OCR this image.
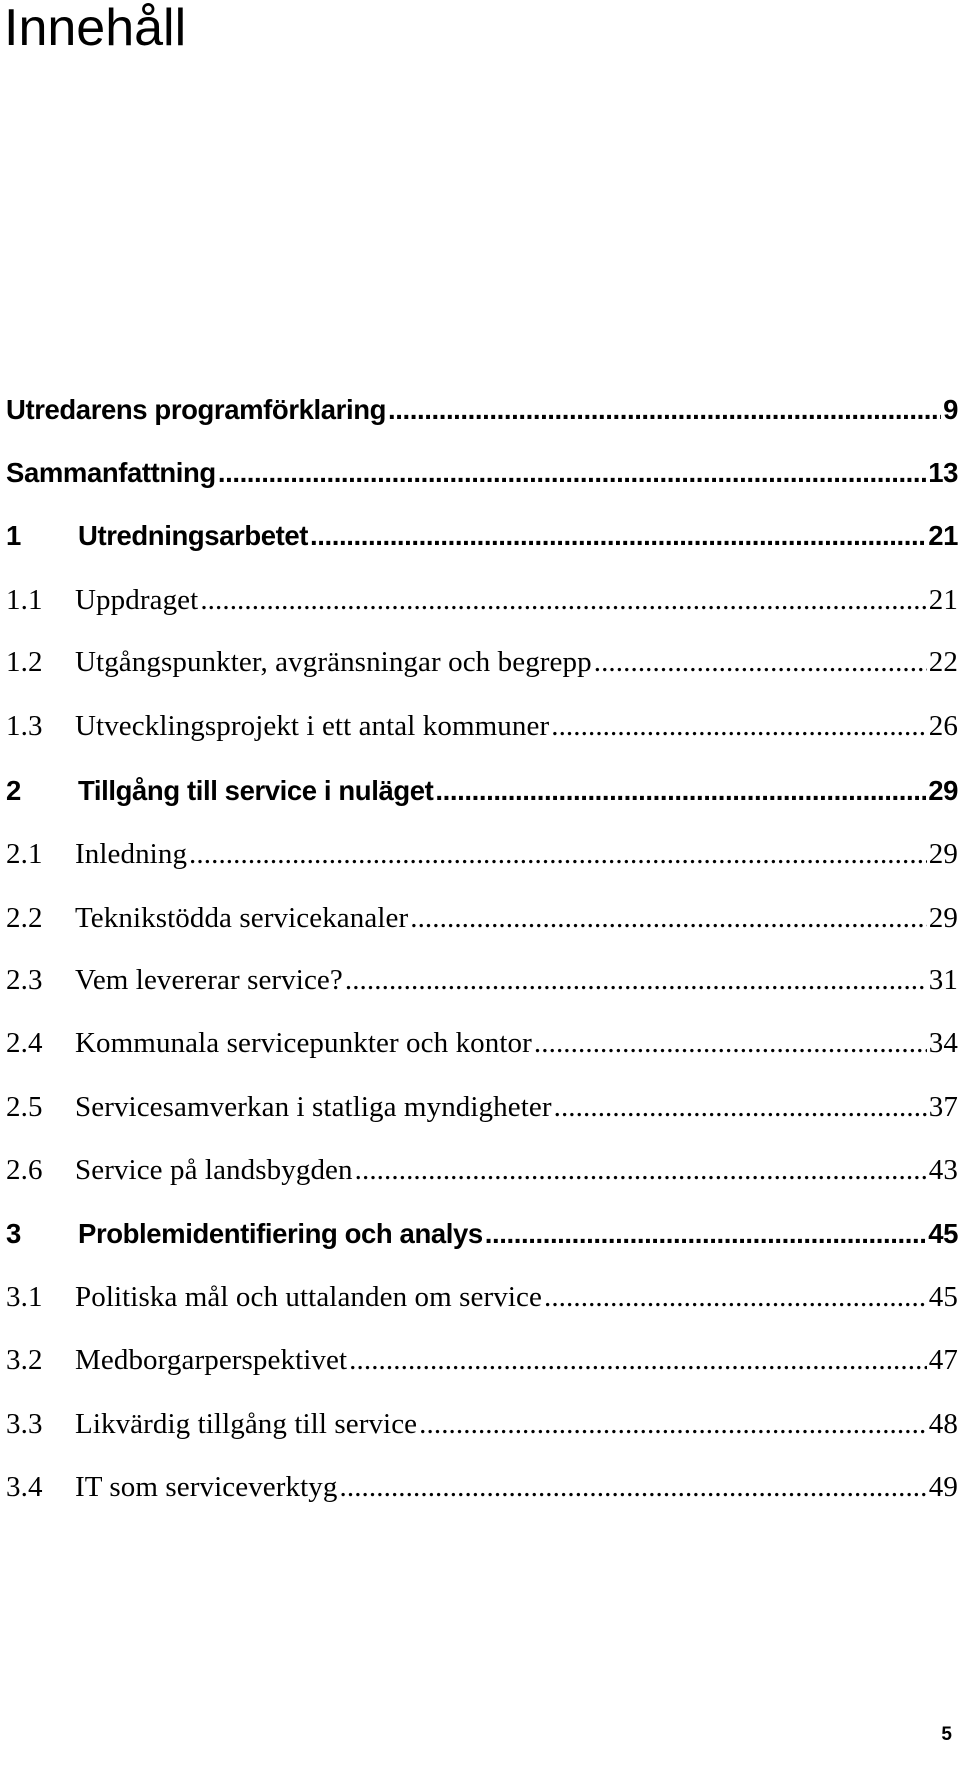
Innehåll
Utredarens programförklaring .....	9
Sammanfattning .....	13
1	Utredningsarbetet .....	21
1.1	Uppdraget .....	21
1.2	Utgångspunkter, avgränsningar och begrepp .....	22
1.3	Utvecklingsprojekt i ett antal kommuner .....	26
2	Tillgång till service i nuläget .....	29
2.1	Inledning .....	29
2.2	Teknikstödda servicekanaler .....	29
2.3	Vem levererar service? .....	31
2.4	Kommunala servicepunkter och kontor .....	34
2.5	Servicesamverkan i statliga myndigheter .....	37
2.6	Service på landsbygden .....	43
3	Problemidentifiering och analys .....	45
3.1	Politiska mål och uttalanden om service .....	45
3.2	Medborgarperspektivet .....	47
3.3	Likvärdig tillgång till service .....	48
3.4	IT som serviceverktyg .....	49
5
